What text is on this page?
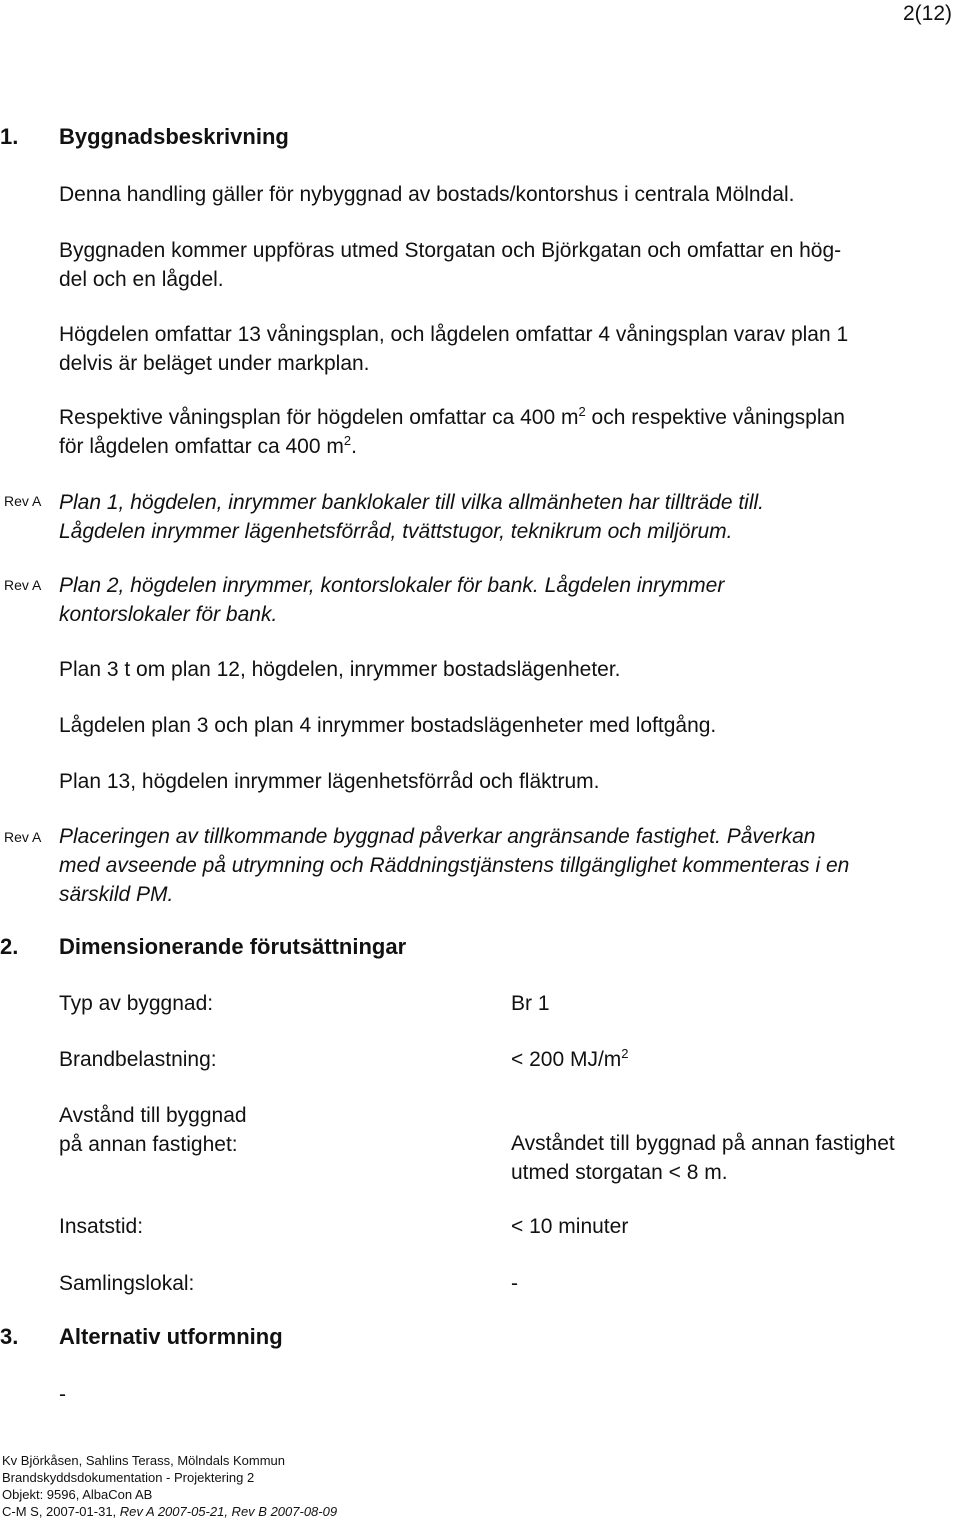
2(12)
1. Byggnadsbeskrivning
Denna handling gäller för nybyggnad av bostads/kontorshus i centrala Mölndal.
Byggnaden kommer uppföras utmed Storgatan och Björkgatan och omfattar en hög-
del och en lågdel.
Högdelen omfattar 13 våningsplan, och lågdelen omfattar 4 våningsplan varav plan 1
delvis är beläget under markplan.
Respektive våningsplan för högdelen omfattar ca 400 $m^2$ och respektive våningsplan
för lågdelen omfattar ca 400 $m^2$.
Rev A Plan 1, högdelen, inrymmer banklokaler till vilka allmänheten har tillträde till.
Lågdelen inrymmer lägenhetsförråd, tvättstugor, teknikrum och miljörum.
Rev A Plan 2, högdelen inrymmer, kontorslokaler för bank. Lågdelen inrymmer
kontorslokaler för bank.
Plan 3 t om plan 12, högdelen, inrymmer bostadslägenheter.
Lågdelen plan 3 och plan 4 inrymmer bostadslägenheter med loftgång.
Plan 13, högdelen inrymmer lägenhetsförråd och fläktrum.
Rev A Placeringen av tillkommande byggnad påverkar angränsande fastighet. Påverkan
med avseende på utrymning och Räddningstjänstens tillgänglighet kommenteras i en
särskild PM.
2. Dimensionerande förutsättningar
Typ av byggnad:	Br 1
Brandbelastning:	< 200 $MJ/m^2$
Avstånd till byggnad
på annan fastighet:	Avståndet till byggnad på annan fastighet
utmed storgatan < 8 m.
Insatstid:	< 10 minuter
Samlingslokal:	-
3. Alternativ utformning
-
Kv Björkåsen, Sahlins Terass, Mölndals Kommun
Brandskyddsdokumentation - Projektering 2
Objekt: 9596, AlbaCon AB
C-M S, 2007-01-31, Rev A 2007-05-21, Rev B 2007-08-09
